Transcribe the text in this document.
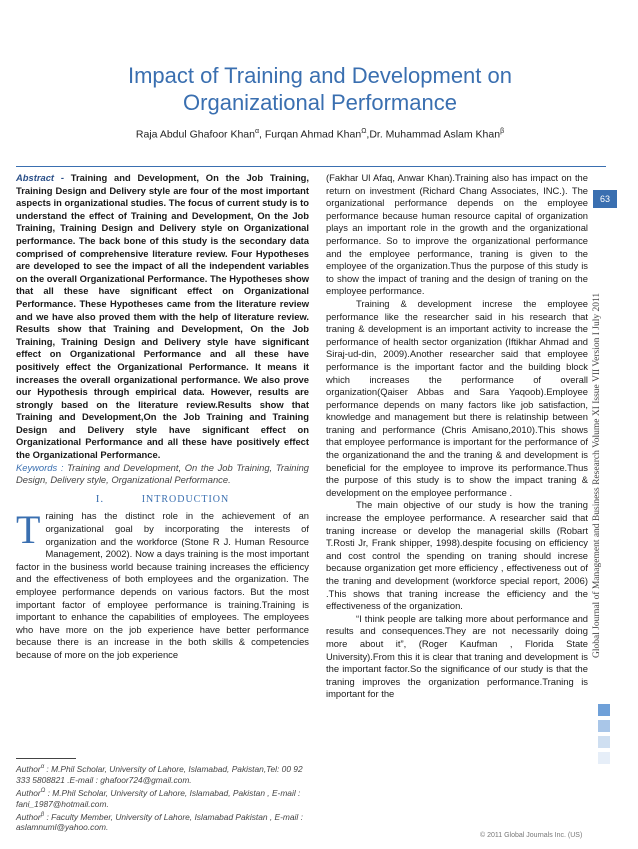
Impact of Training and Development on Organizational Performance
Raja Abdul Ghafoor Khan$^\alpha$, Furqan Ahmad Khan$^\Omega$,Dr. Muhammad Aslam Khan$^\beta$
Abstract - Training and Development, On the Job Training, Training Design and Delivery style are four of the most important aspects in organizational studies. The focus of current study is to understand the effect of Training and Development, On the Job Training, Training Design and Delivery style on Organizational performance. The back bone of this study is the secondary data comprised of comprehensive literature review. Four Hypotheses are developed to see the impact of all the independent variables on the overall Organizational Performance. The Hypotheses show that all these have significant effect on Organizational Performance. These Hypotheses came from the literature review and we have also proved them with the help of literature review. Results show that Training and Development, On the Job Training, Training Design and Delivery style have significant effect on Organizational Performance and all these have positively effect the Organizational Performance. It means it increases the overall organizational performance. We also prove our Hypothesis through empirical data. However, results are strongly based on the literature review.Results show that Training and Development,On the Job Training and Training Design and Delivery style have significant effect on Organizational Performance and all these have positively effect the Organizational Performance.
Keywords : Training and Development, On the Job Training, Training Design, Delivery style, Organizational Performance.
I.	INTRODUCTION
Training has the distinct role in the achievement of an organizational goal by incorporating the interests of organization and the workforce (Stone R J. Human Resource Management, 2002). Now a days training is the most important factor in the business world because training increases the efficiency and the effectiveness of both employees and the organization. The employee performance depends on various factors. But the most important factor of employee performance is training.Training is important to enhance the capabilities of employees. The employees who have more on the job experience have better performance because there is an increase in the both skills & competencies because of more on the job experience
(Fakhar Ul Afaq, Anwar Khan).Training also has impact on the return on investment (Richard Chang Associates, INC.). The organizational performance depends on the employee performance because human resource capital of organization plays an important role in the growth and the organizational performance. So to improve the organizational performance and the employee performance, traning is given to the employee of the organization.Thus the purpose of this study is to show the impact of traning and the design of traning on the employee performance.
Training & development increse the employee performance like the researcher said in his research that traning & development is an important activity to increase the performance of health sector organization (Iftikhar Ahmad and Siraj-ud-din, 2009).Another researcher said that employee performance is the important factor and the building block which increases the performance of overall organization(Qaiser Abbas and Sara Yaqoob).Employee performance depends on many factors like job satisfaction, knowledge and management but there is relatinship between traning and performance (Chris Amisano,2010).This shows that employee performance is important for the performance of the organizationand the and the traning & and development is beneficial for the employee to improve its performance.Thus the purpose of this study is to show the impact traning & development on the employee performance .
The main objective of our study is how the traning increase the employee performance. A researcher said that traning increase or develop the managerial skills (Robart T.Rosti Jr, Frank shipper, 1998).despite focusing on efficiency and cost control the spending on traning should increse because organization get more efficiency , effectiveness out of the traning and development (workforce special report, 2006) .This shows that traning increase the efficiency and the effectiveness of the organization.
“I think people are talking more about performance and results and consequences.They are not necessarily doing more about it”, (Roger Kaufman , Florida State University).From this it is clear that traning and development is the important factor.So the significance of our study is that the traning improves the organization performance.Traning is important for the
Author$^\alpha$ : M.Phil Scholar, University of Lahore, Islamabad, Pakistan,Tel: 00 92 333 5808821 .E-mail : ghafoor724@gmail.com.
Author$^\Omega$ : M.Phil Scholar, University of Lahore, Islamabad, Pakistan , E-mail : fani_1987@hotmail.com.
Author$^\beta$ : Faculty Member, University of Lahore, Islamabad Pakistan , E-mail : aslamnuml@yahoo.com.
Global Journal of Management and Business Research Volume XI Issue VII Version I July 2011
63
© 2011 Global Journals Inc. (US)
